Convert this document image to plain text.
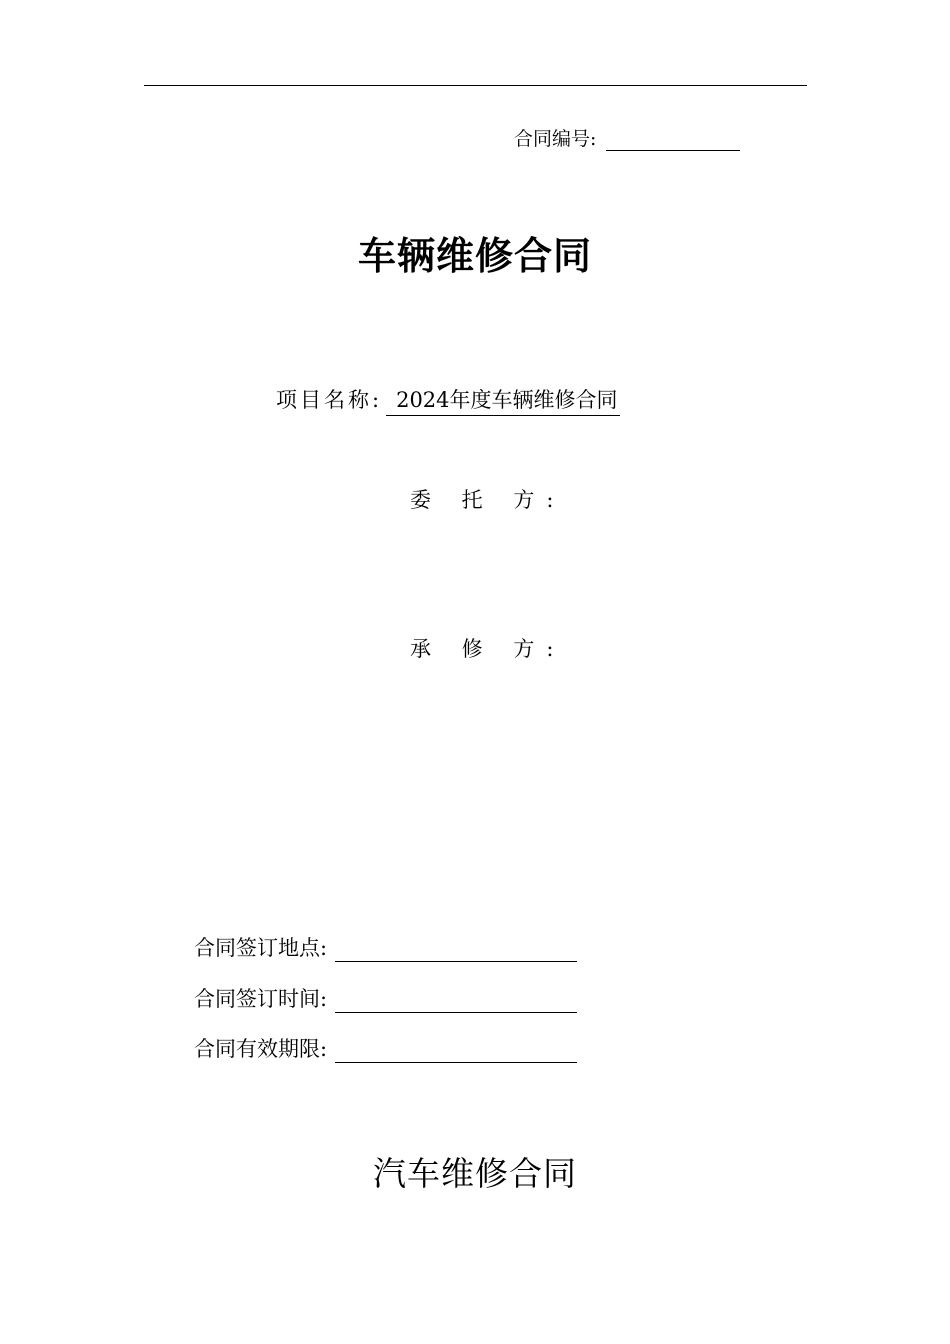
合同编号:
车辆维修合同
项目名称: 2024年度车辆维修合同
委 托 方:
承 修 方:
合同签订地点:
合同签订时间:
合同有效期限:
汽车维修合同
